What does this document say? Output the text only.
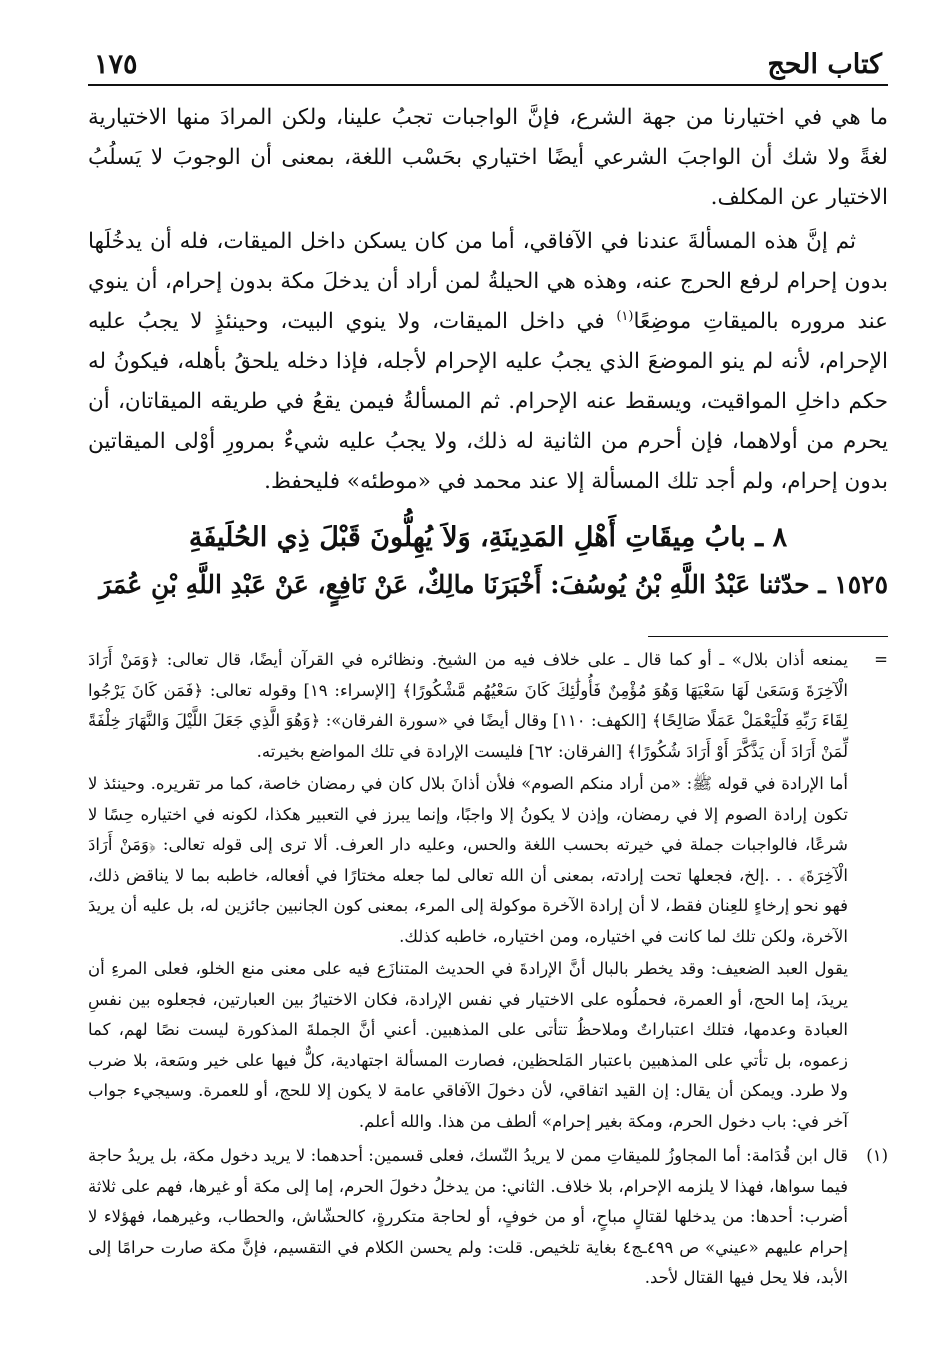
كتاب الحج
١٧٥

ما هي في اختيارنا من جهة الشرع، فإنَّ الواجبات تجبُ علينا، ولكن المرادَ منها الاختيارية لغةً ولا شك أن الواجبَ الشرعي أيضًا اختياري بحَسْب اللغة، بمعنى أن الوجوبَ لا يَسلُبُ الاختيار عن المكلف.

ثم إنَّ هذه المسألةَ عندنا في الآفاقي، أما من كان يسكن داخل الميقات، فله أن يدخُلَها بدون إحرام لرفع الحرج عنه، وهذه هي الحيلةُ لمن أراد أن يدخلَ مكة بدون إحرام، أن ينوي عند مروره بالميقاتِ موضِعًا$^{(١)}$ في داخل الميقات، ولا ينوي البيت، وحينئذٍ لا يجبُ عليه الإحرام، لأنه لم ينو الموضعَ الذي يجبُ عليه الإحرام لأجله، فإذا دخله يلحقُ بأهله، فيكونُ له حكم داخلِ المواقيت، ويسقط عنه الإحرام. ثم المسألةُ فيمن يقعُ في طريقه الميقاتان، أن يحرم من أولاهما، فإن أحرم من الثانية له ذلك، ولا يجبُ عليه شيءٌ بمرورِ أوْلى الميقاتين بدون إحرام، ولم أجد تلك المسألة إلا عند محمد في «موطئه» فليحفظ.

٨ ـ بابُ مِيقَاتِ أَهْلِ المَدِينَةِ، وَلاَ يُهِلُّونَ قَبْلَ ذِي الحُلَيفَةِ
١٥٢٥ ـ حدّثنا عَبْدُ اللَّهِ بْنُ يُوسُفَ: أَخْبَرَنَا مالِكٌ، عَنْ نَافِعٍ، عَنْ عَبْدِ اللَّهِ بْنِ عُمَرَ
=

يمنعه أذان بلال» ـ أو كما قال ـ على خلاف فيه من الشيخ. ونظائره في القرآن أيضًا، قال تعالى: ﴿وَمَنْ أَرَادَ الْآخِرَةَ وَسَعَىٰ لَهَا سَعْيَهَا وَهُوَ مُؤْمِنٌ فَأُولَٰئِكَ كَانَ سَعْيُهُم مَّشْكُورًا﴾ [الإسراء: ١٩] وقوله تعالى: ﴿فَمَن كَانَ يَرْجُوا لِقَاءَ رَبِّهِ فَلْيَعْمَلْ عَمَلًا صَالِحًا﴾ [الكهف: ١١٠] وقال أيضًا في «سورة الفرقان»: ﴿وَهُوَ الَّذِي جَعَلَ اللَّيْلَ وَالنَّهَارَ خِلْفَةً لِّمَنْ أَرَادَ أَن يَذَّكَّرَ أَوْ أَرَادَ شُكُورًا﴾ [الفرقان: ٦٢] فليست الإرادة في تلك المواضع بخيرته.

أما الإرادة في قوله ﷺ: «من أراد منكم الصوم» فلأن أذانَ بلال كان في رمضان خاصة، كما مر تقريره. وحينئذ لا تكون إرادة الصوم إلا في رمضان، وإذن لا يكونُ إلا واجبًا، وإنما يبرز في التعبير هكذا، لكونه في اختياره حِسًا لا شرعًا، فالواجبات جملة في خيرته بحسب اللغة والحس، وعليه دار العرف. ألا ترى إلى قوله تعالى: ﴿وَمَنْ أَرَادَ الْآخِرَةَ﴾ . . .إلخ، فجعلها تحت إرادته، بمعنى أن الله تعالى لما جعله مختارًا في أفعاله، خاطبه بما لا يناقض ذلك، فهو نحو إرخاءٍ للعِنان فقط، لا أن إرادة الآخرة موكولة إلى المرء، بمعنى كون الجانبين جائزين له، بل عليه أن يريدَ الآخرة، ولكن تلك لما كانت في اختياره، ومن اختياره، خاطبه كذلك.

يقول العبد الضعيف: وقد يخطر بالبال أنَّ الإرادةَ في الحديث المتنازَع فيه على معنى منع الخلو، فعلى المرءِ أن يريدَ، إما الحج، أو العمرة، فحملُوه على الاختيار في نفس الإرادة، فكان الاختيارُ بين العبارتين، فجعلوه بين نفسِ العبادة وعدمها، فتلك اعتباراتٌ وملاحظُ تتأتى على المذهبين. أعني أنَّ الجملةَ المذكورة ليست نصًا لهم، كما زعموه، بل تأتي على المذهبين باعتبار المَلحظين، فصارت المسألة اجتهادية، كلٌّ فيها على خير وسَعة، بلا ضرب ولا طرد. ويمكن أن يقال: إن القيد اتفاقي، لأن دخولَ الآفاقي عامة لا يكون إلا للحج، أو للعمرة. وسيجيء جواب آخر في: باب دخول الحرم، ومكة بغير إحرام» ألطف من هذا. والله أعلم.

(١)

قال ابن قُدَامة: أما المجاوزُ للميقاتِ ممن لا يريدُ النّسك، فعلى قسمين: أحدهما: لا يريد دخول مكة، بل يريدُ حاجة فيما سواها، فهذا لا يلزمه الإحرام، بلا خلاف. الثاني: من يدخلُ دخولَ الحرم، إما إلى مكة أو غيرها، فهم على ثلاثة أضرب: أحدها: من يدخلها لقتالٍ مباحٍ، أو من خوفٍ، أو لحاجة متكررةٍ، كالحشّاش، والحطاب، وغيرهما، فهؤلاء لا إحرام عليهم «عيني» ص ٤٩٩ـج٤ بغاية تلخيص. قلت: ولم يحسن الكلام في التقسيم، فإنَّ مكة صارت حرامًا إلى الأبد، فلا يحل فيها القتال لأحد.
